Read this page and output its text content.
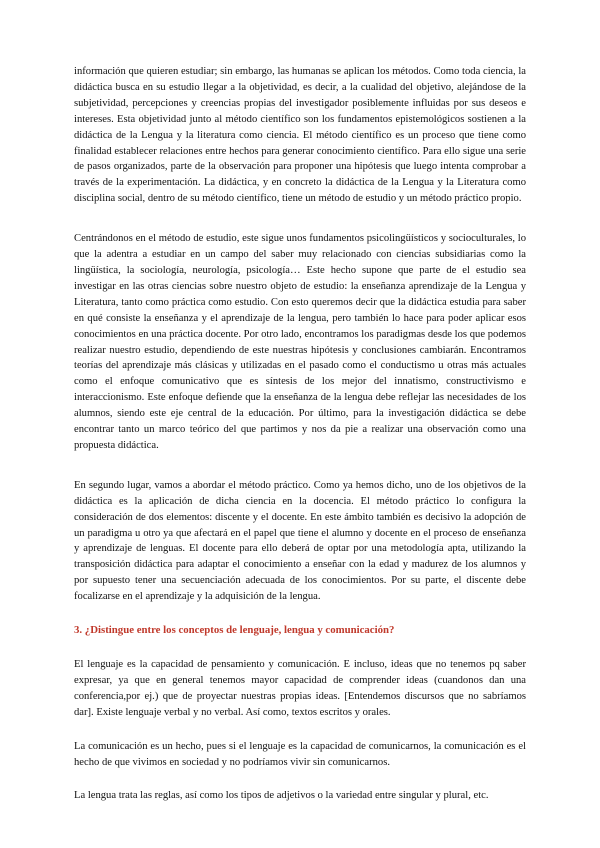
información que quieren estudiar; sin embargo, las humanas se aplican los métodos. Como toda ciencia, la didáctica busca en su estudio llegar a la objetividad, es decir, a la cualidad del objetivo, alejándose de la subjetividad, percepciones y creencias propias del investigador posiblemente influidas por sus deseos e intereses. Esta objetividad junto al método científico son los fundamentos epistemológicos sostienen a la didáctica de la Lengua y la literatura como ciencia. El método científico es un proceso que tiene como finalidad establecer relaciones entre hechos para generar conocimiento científico. Para ello sigue una serie de pasos organizados, parte de la observación para proponer una hipótesis que luego intenta comprobar a través de la experimentación. La didáctica, y en concreto la didáctica de la Lengua y la Literatura como disciplina social, dentro de su método científico, tiene un método de estudio y un método práctico propio.

Centrándonos en el método de estudio, este sigue unos fundamentos psicolingüísticos y socioculturales, lo que la adentra a estudiar en un campo del saber muy relacionado con ciencias subsidiarias como la lingüística, la sociología, neurología, psicología… Este hecho supone que parte de el estudio sea investigar en las otras ciencias sobre nuestro objeto de estudio: la enseñanza aprendizaje de la Lengua y Literatura, tanto como práctica como estudio. Con esto queremos decir que la didáctica estudia para saber en qué consiste la enseñanza y el aprendizaje de la lengua, pero también lo hace para poder aplicar esos conocimientos en una práctica docente. Por otro lado, encontramos los paradigmas desde los que podemos realizar nuestro estudio, dependiendo de este nuestras hipótesis y conclusiones cambiarán. Encontramos teorías del aprendizaje más clásicas y utilizadas en el pasado como el conductismo u otras más actuales como el enfoque comunicativo que es síntesis de los mejor del innatismo, constructivismo e interaccionismo. Este enfoque defiende que la enseñanza de la lengua debe reflejar las necesidades de los alumnos, siendo este eje central de la educación. Por último, para la investigación didáctica se debe encontrar tanto un marco teórico del que partimos y nos da pie a realizar una observación como una propuesta didáctica.

En segundo lugar, vamos a abordar el método práctico. Como ya hemos dicho, uno de los objetivos de la didáctica es la aplicación de dicha ciencia en la docencia. El método práctico lo configura la consideración de dos elementos: discente y el docente. En este ámbito también es decisivo la adopción de un paradigma u otro ya que afectará en el papel que tiene el alumno y docente en el proceso de enseñanza y aprendizaje de lenguas. El docente para ello deberá de optar por una metodología apta, utilizando la transposición didáctica para adaptar el conocimiento a enseñar con la edad y madurez de los alumnos y por supuesto tener una secuenciación adecuada de los conocimientos. Por su parte, el discente debe focalizarse en el aprendizaje y la adquisición de la lengua.

3. ¿Distingue entre los conceptos de lenguaje, lengua y comunicación?

El lenguaje es la capacidad de pensamiento y comunicación. E incluso, ideas que no tenemos pq saber expresar, ya que en general tenemos mayor capacidad de comprender ideas (cuandonos dan una conferencia,por ej.) que de proyectar nuestras propias ideas. [Entendemos discursos que no sabríamos dar]. Existe lenguaje verbal y no verbal. Así como, textos escritos y orales.

La comunicación es un hecho, pues si el lenguaje es la capacidad de comunicarnos, la comunicación es el hecho de que vivimos en sociedad y no podríamos vivir sin comunicarnos.

La lengua trata las reglas, así como los tipos de adjetivos o la variedad entre singular y plural, etc.
